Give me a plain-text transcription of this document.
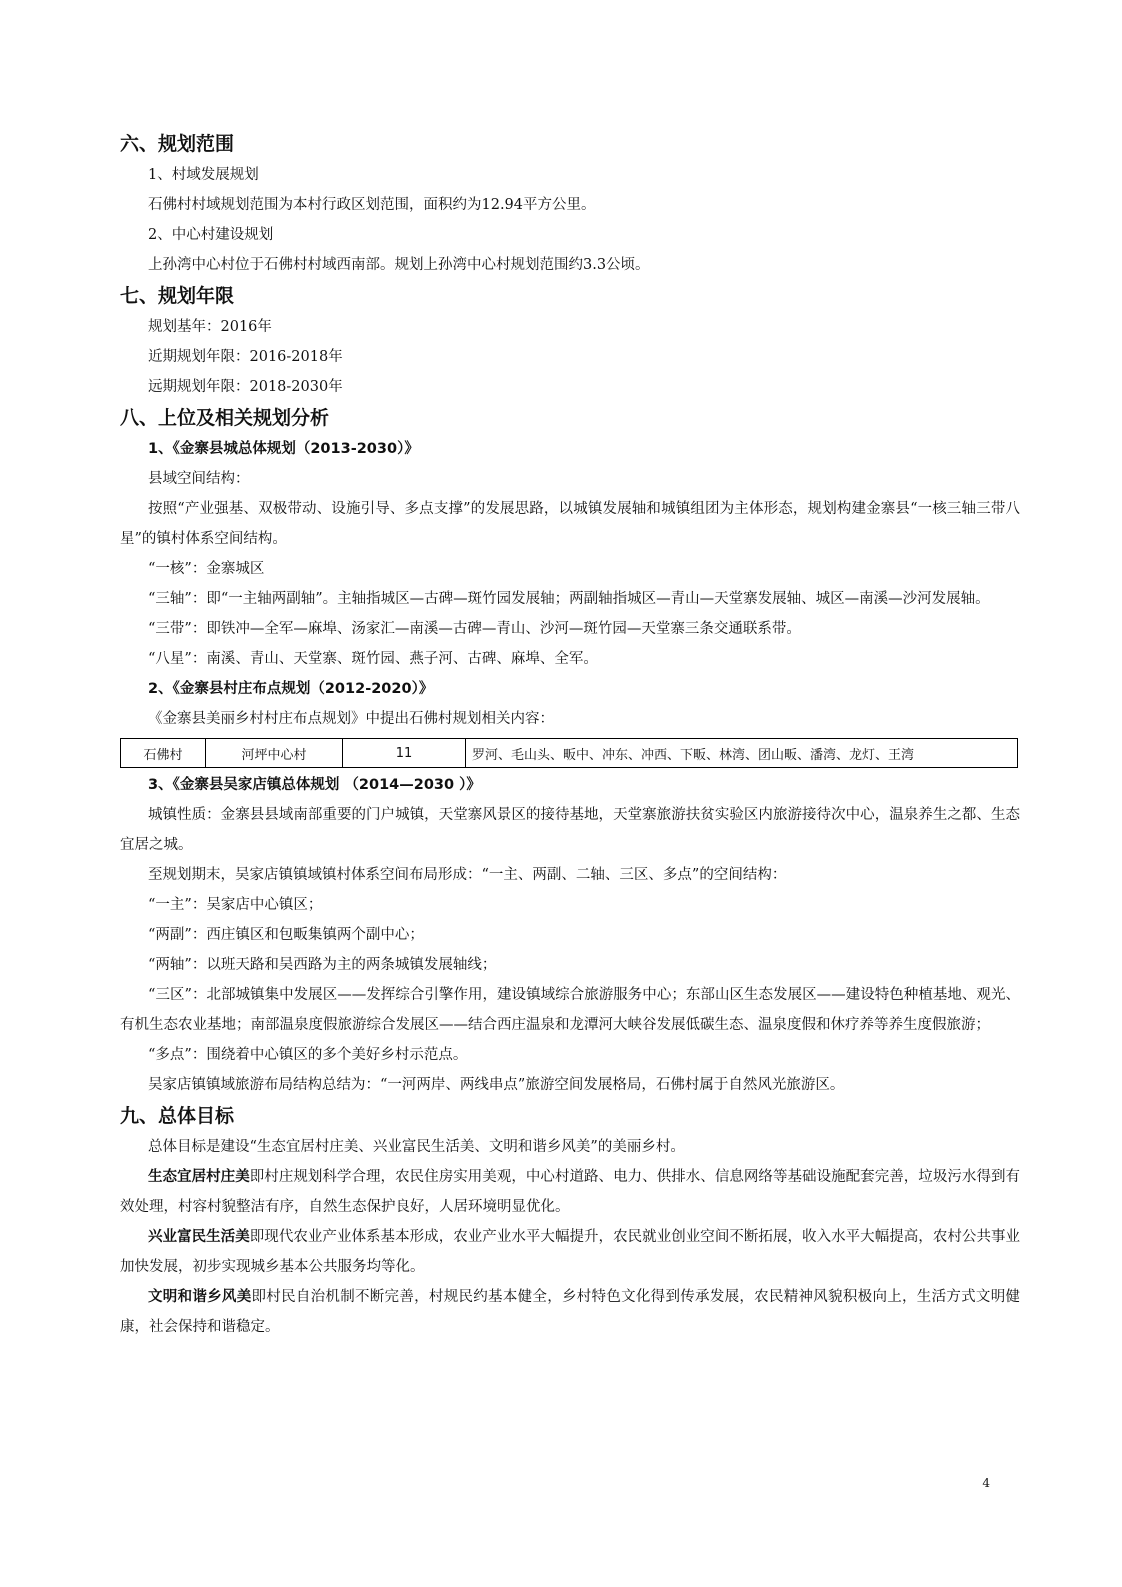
六、规划范围

1、村域发展规划

石佛村村域规划范围为本村行政区划范围，面积约为12.94平方公里。

2、中心村建设规划

上孙湾中心村位于石佛村村域西南部。规划上孙湾中心村规划范围约3.3公顷。

七、规划年限

规划基年：2016年

近期规划年限：2016-2018年

远期规划年限：2018-2030年

八、上位及相关规划分析
1、《金寨县城总体规划（2013-2030）》

县域空间结构：

按照“产业强基、双极带动、设施引导、多点支撑”的发展思路，以城镇发展轴和城镇组团为主体形态，规划构建金寨县“一核三轴三带八星”的镇村体系空间结构。

“一核”：金寨城区

“三轴”：即“一主轴两副轴”。主轴指城区—古碑—斑竹园发展轴；两副轴指城区—青山—天堂寨发展轴、城区—南溪—沙河发展轴。

“三带”：即铁冲—全军—麻埠、汤家汇—南溪—古碑—青山、沙河—斑竹园—天堂寨三条交通联系带。

“八星”：南溪、青山、天堂寨、斑竹园、燕子河、古碑、麻埠、全军。

2、《金寨县村庄布点规划（2012-2020）》

《金寨县美丽乡村村庄布点规划》中提出石佛村规划相关内容：

石佛村	河坪中心村	11	罗河、毛山头、畈中、冲东、冲西、下畈、林湾、团山畈、潘湾、龙灯、王湾
3、《金寨县吴家店镇总体规划 （2014—2030 ）》

城镇性质：金寨县县域南部重要的门户城镇，天堂寨风景区的接待基地，天堂寨旅游扶贫实验区内旅游接待次中心，温泉养生之都、生态宜居之城。

至规划期末，吴家店镇镇域镇村体系空间布局形成：“一主、两副、二轴、三区、多点”的空间结构：

“一主”：吴家店中心镇区；

“两副”：西庄镇区和包畈集镇两个副中心；

“两轴”：以班天路和吴西路为主的两条城镇发展轴线；

“三区”：北部城镇集中发展区——发挥综合引擎作用，建设镇域综合旅游服务中心；东部山区生态发展区——建设特色种植基地、观光、有机生态农业基地；南部温泉度假旅游综合发展区——结合西庄温泉和龙潭河大峡谷发展低碳生态、温泉度假和休疗养等养生度假旅游；

“多点”：围绕着中心镇区的多个美好乡村示范点。

吴家店镇镇域旅游布局结构总结为：“一河两岸、两线串点”旅游空间发展格局，石佛村属于自然风光旅游区。

九、总体目标

总体目标是建设“生态宜居村庄美、兴业富民生活美、文明和谐乡风美”的美丽乡村。

生态宜居村庄美即村庄规划科学合理，农民住房实用美观，中心村道路、电力、供排水、信息网络等基础设施配套完善，垃圾污水得到有效处理，村容村貌整洁有序，自然生态保护良好，人居环境明显优化。

兴业富民生活美即现代农业产业体系基本形成，农业产业水平大幅提升，农民就业创业空间不断拓展，收入水平大幅提高，农村公共事业加快发展，初步实现城乡基本公共服务均等化。

文明和谐乡风美即村民自治机制不断完善，村规民约基本健全，乡村特色文化得到传承发展，农民精神风貌积极向上，生活方式文明健康，社会保持和谐稳定。

4
